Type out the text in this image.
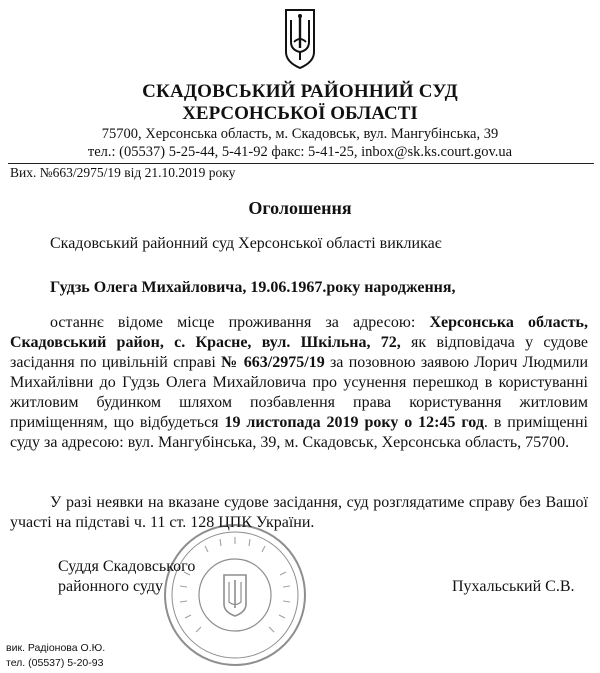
СКАДОВСЬКИЙ РАЙОННИЙ СУД
ХЕРСОНСЬКОЇ ОБЛАСТІ
75700, Херсонська область, м. Скадовськ, вул. Мангубінська, 39
тел.: (05537) 5-25-44, 5-41-92 факс: 5-41-25, inbox@sk.ks.court.gov.ua
Вих. №663/2975/19 від 21.10.2019 року
Оголошення
Скадовський районний суд Херсонської області викликає
Гудзь Олега Михайловича, 19.06.1967.року народження,
останнє відоме місце проживання за адресою: Херсонська область, Скадовський район, с. Красне, вул. Шкільна, 72, як відповідача у судове засідання по цивільній справі № 663/2975/19 за позовною заявою Лорич Людмили Михайлівни до Гудзь Олега Михайловича про усунення перешкод в користуванні житловим будинком шляхом позбавлення права користування житловим приміщенням, що відбудеться 19 листопада 2019 року о 12:45 год. в приміщенні суду за адресою: вул. Мангубінська, 39, м. Скадовськ, Херсонська область, 75700.
У разі неявки на вказане судове засідання, суд розглядатиме справу без Вашої участі на підставі ч. 11 ст. 128 ЦПК України.
Суддя Скадовського
районного суду	Пухальський С.В.
вик. Радіонова О.Ю.
тел. (05537) 5-20-93
